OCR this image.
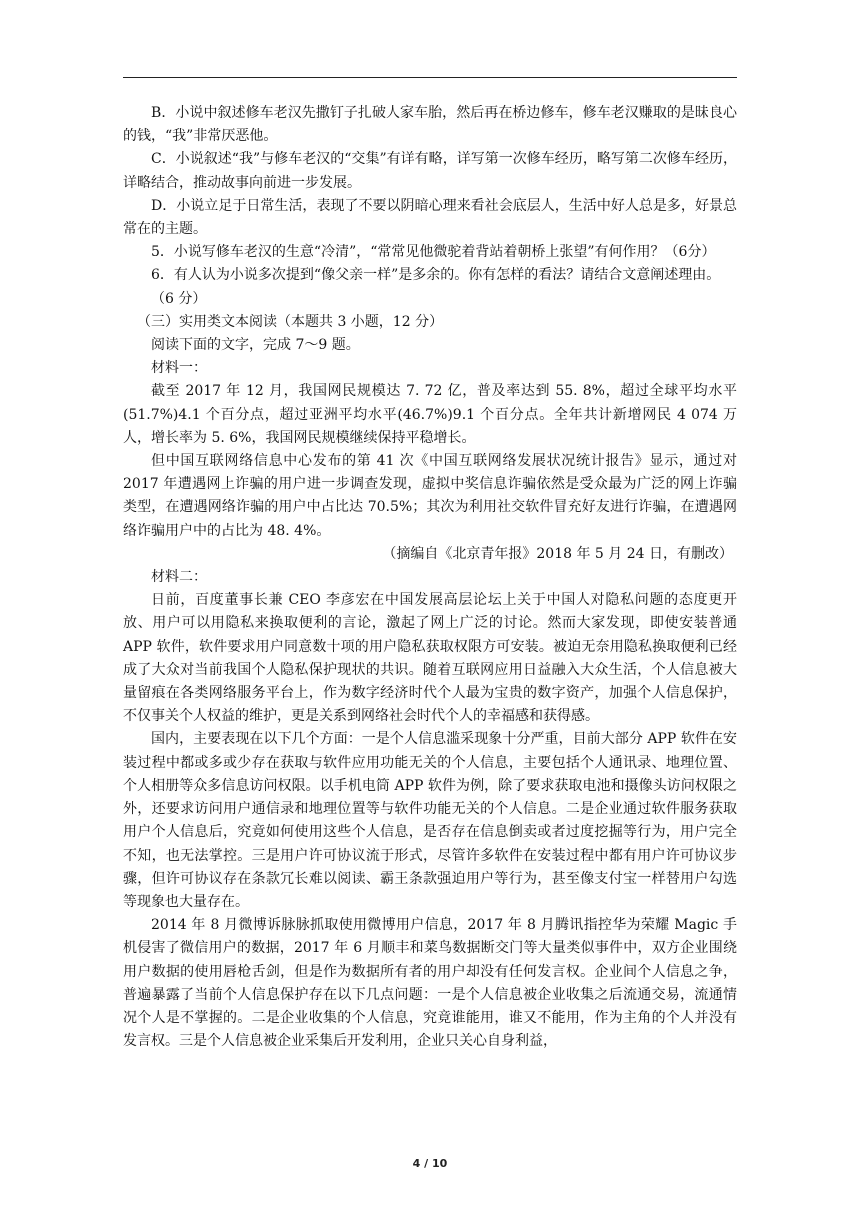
B．小说中叙述修车老汉先撒钉子扎破人家车胎，然后再在桥边修车，修车老汉赚取的是昧良心的钱，“我”非常厌恶他。

C．小说叙述“我”与修车老汉的“交集”有详有略，详写第一次修车经历，略写第二次修车经历，详略结合，推动故事向前进一步发展。

D．小说立足于日常生活，表现了不要以阴暗心理来看社会底层人，生活中好人总是多，好景总常在的主题。

5．小说写修车老汉的生意“冷清”，“常常见他微驼着背站着朝桥上张望”有何作用？（6分）

6．有人认为小说多次提到“像父亲一样”是多余的。你有怎样的看法？请结合文意阐述理由。

（6 分）

（三）实用类文本阅读（本题共 3 小题，12 分）

阅读下面的文字，完成 7～9 题。

材料一：

截至 2017 年 12 月，我国网民规模达 7. 72 亿，普及率达到 55. 8%，超过全球平均水平(51.7%)4.1 个百分点，超过亚洲平均水平(46.7%)9.1 个百分点。全年共计新增网民 4 074 万人，增长率为 5. 6%，我国网民规模继续保持平稳增长。

但中国互联网络信息中心发布的第 41 次《中国互联网络发展状况统计报告》显示，通过对 2017 年遭遇网上诈骗的用户进一步调查发现，虚拟中奖信息诈骗依然是受众最为广泛的网上诈骗类型，在遭遇网络诈骗的用户中占比达 70.5%；其次为利用社交软件冒充好友进行诈骗，在遭遇网络诈骗用户中的占比为 48. 4%。

（摘编自《北京青年报》2018 年 5 月 24 日，有删改）

材料二：

日前，百度董事长兼 CEO 李彦宏在中国发展高层论坛上关于中国人对隐私问题的态度更开放、用户可以用隐私来换取便利的言论，激起了网上广泛的讨论。然而大家发现，即使安装普通 APP 软件，软件要求用户同意数十项的用户隐私获取权限方可安装。被迫无奈用隐私换取便利已经成了大众对当前我国个人隐私保护现状的共识。随着互联网应用日益融入大众生活，个人信息被大量留痕在各类网络服务平台上，作为数字经济时代个人最为宝贵的数字资产，加强个人信息保护，不仅事关个人权益的维护，更是关系到网络社会时代个人的幸福感和获得感。

国内，主要表现在以下几个方面：一是个人信息滥采现象十分严重，目前大部分 APP 软件在安装过程中都或多或少存在获取与软件应用功能无关的个人信息，主要包括个人通讯录、地理位置、个人相册等众多信息访问权限。以手机电筒 APP 软件为例，除了要求获取电池和摄像头访问权限之外，还要求访问用户通信录和地理位置等与软件功能无关的个人信息。二是企业通过软件服务获取用户个人信息后，究竟如何使用这些个人信息，是否存在信息倒卖或者过度挖掘等行为，用户完全不知，也无法掌控。三是用户许可协议流于形式，尽管许多软件在安装过程中都有用户许可协议步骤，但许可协议存在条款冗长难以阅读、霸王条款强迫用户等行为，甚至像支付宝一样替用户勾选等现象也大量存在。

2014 年 8 月微博诉脉脉抓取使用微博用户信息，2017 年 8 月腾讯指控华为荣耀 Magic 手机侵害了微信用户的数据，2017 年 6 月顺丰和菜鸟数据断交门等大量类似事件中，双方企业围绕用户数据的使用唇枪舌剑，但是作为数据所有者的用户却没有任何发言权。企业间个人信息之争，普遍暴露了当前个人信息保护存在以下几点问题：一是个人信息被企业收集之后流通交易，流通情况个人是不掌握的。二是企业收集的个人信息，究竟谁能用，谁又不能用，作为主角的个人并没有发言权。三是个人信息被企业采集后开发利用，企业只关心自身利益，

4 / 10
